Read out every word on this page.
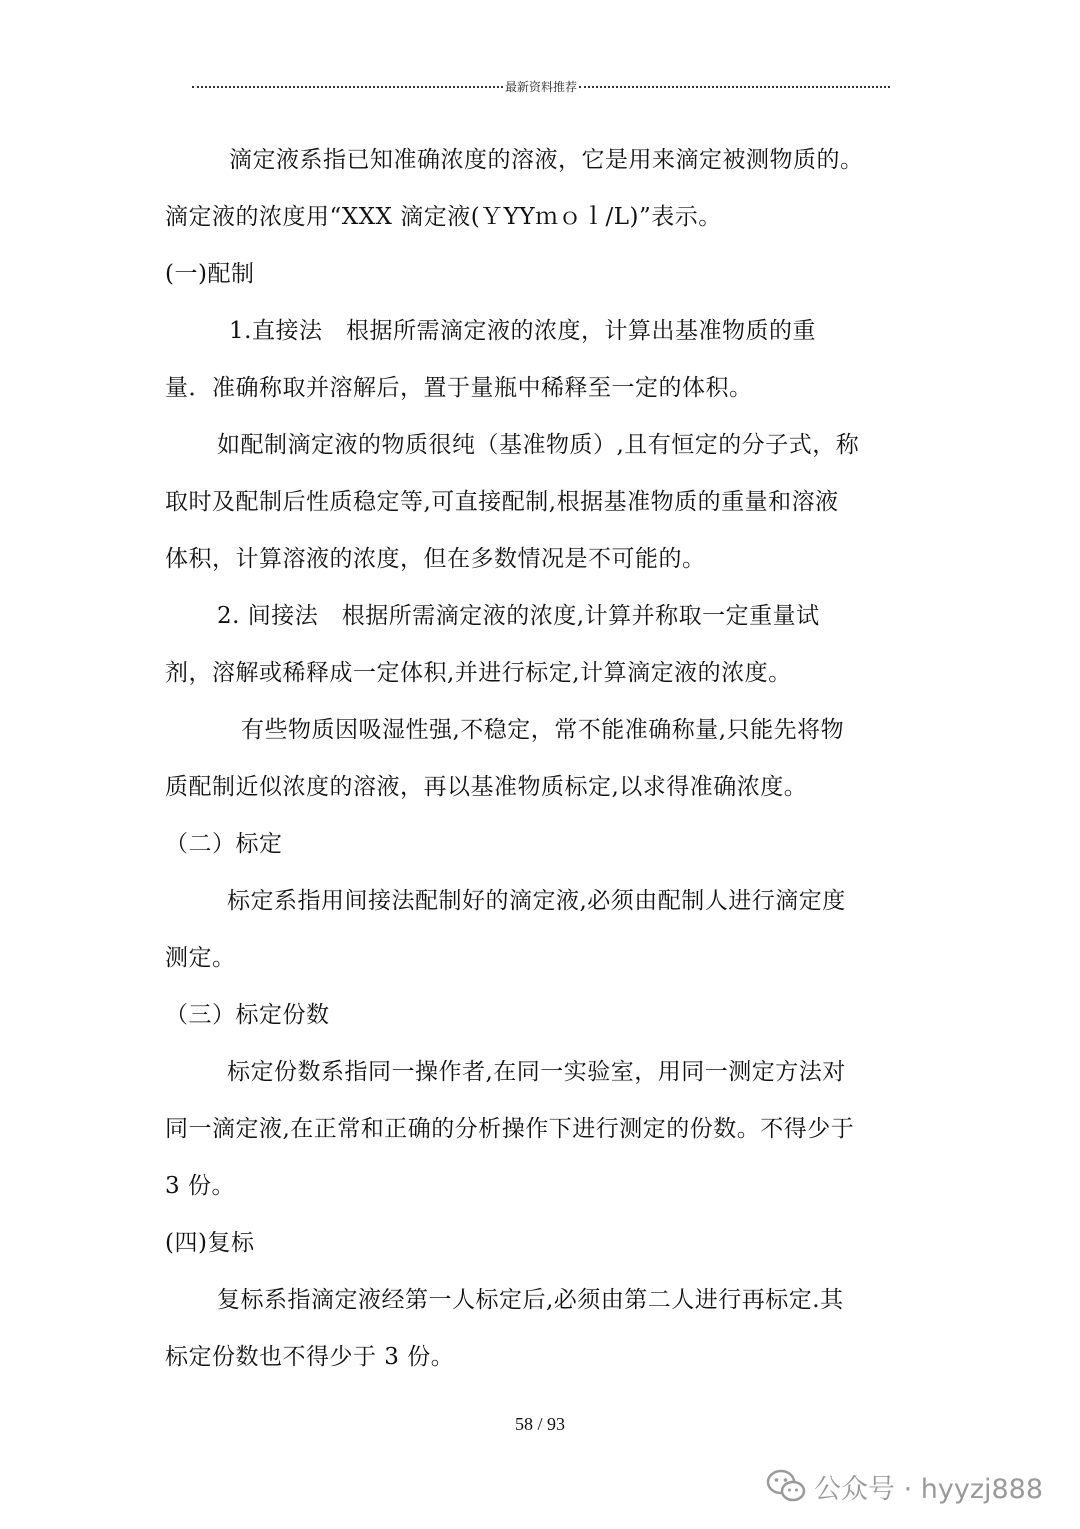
最新资料推荐
滴定液系指已知准确浓度的溶液，它是用来滴定被测物质的。
滴定液的浓度用“XXX 滴定液(ＹYYｍｏｌ/L)”表示。
(一)配制
1.直接法　根据所需滴定液的浓度，计算出基准物质的重
量．准确称取并溶解后，置于量瓶中稀释至一定的体积。
如配制滴定液的物质很纯（基准物质）,且有恒定的分子式，称
取时及配制后性质稳定等,可直接配制,根据基准物质的重量和溶液
体积，计算溶液的浓度，但在多数情况是不可能的。
2. 间接法　根据所需滴定液的浓度,计算并称取一定重量试
剂，溶解或稀释成一定体积,并进行标定,计算滴定液的浓度。
有些物质因吸湿性强,不稳定，常不能准确称量,只能先将物
质配制近似浓度的溶液，再以基准物质标定,以求得准确浓度。
（二）标定
标定系指用间接法配制好的滴定液,必须由配制人进行滴定度
测定。
（三）标定份数
标定份数系指同一操作者,在同一实验室，用同一测定方法对
同一滴定液,在正常和正确的分析操作下进行测定的份数。不得少于
3 份。
(四)复标
复标系指滴定液经第一人标定后,必须由第二人进行再标定.其
标定份数也不得少于 3 份。
58 / 93
公众号 · hyyzj888
